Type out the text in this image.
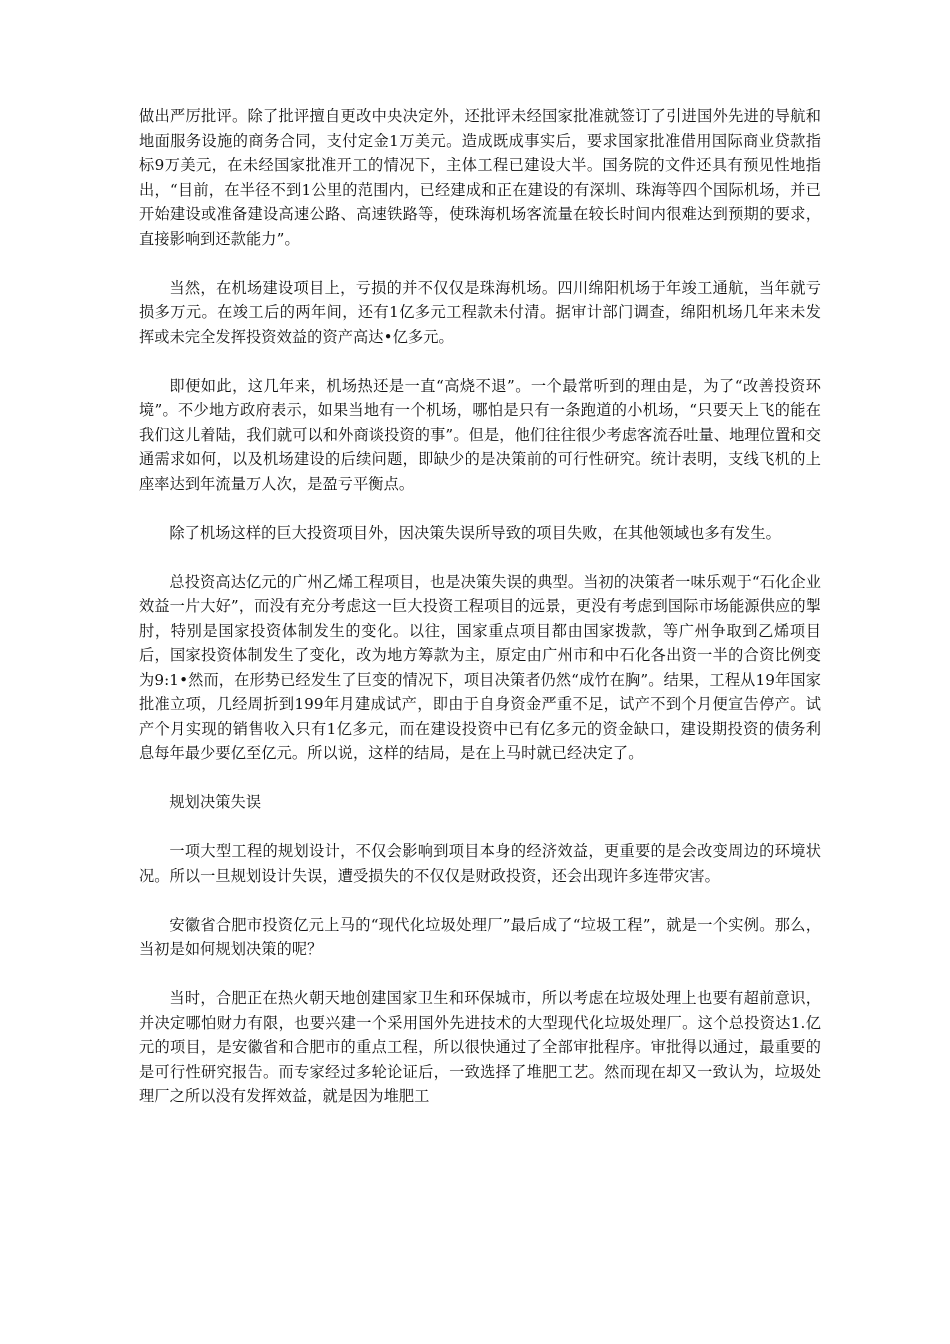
做出严厉批评。除了批评擅自更改中央决定外，还批评未经国家批准就签订了引进国外先进的导航和地面服务设施的商务合同，支付定金1万美元。造成既成事实后，要求国家批准借用国际商业贷款指标9万美元，在未经国家批准开工的情况下，主体工程已建设大半。国务院的文件还具有预见性地指出，“目前，在半径不到1公里的范围内，已经建成和正在建设的有深圳、珠海等四个国际机场，并已开始建设或准备建设高速公路、高速铁路等，使珠海机场客流量在较长时间内很难达到预期的要求，直接影响到还款能力”。

当然，在机场建设项目上，亏损的并不仅仅是珠海机场。四川绵阳机场于年竣工通航，当年就亏损多万元。在竣工后的两年间，还有1亿多元工程款未付清。据审计部门调查，绵阳机场几年来未发挥或未完全发挥投资效益的资产高达•亿多元。

即便如此，这几年来，机场热还是一直“高烧不退”。一个最常听到的理由是，为了“改善投资环境”。不少地方政府表示，如果当地有一个机场，哪怕是只有一条跑道的小机场，“只要天上飞的能在我们这儿着陆，我们就可以和外商谈投资的事”。但是，他们往往很少考虑客流吞吐量、地理位置和交通需求如何，以及机场建设的后续问题，即缺少的是决策前的可行性研究。统计表明，支线飞机的上座率达到年流量万人次，是盈亏平衡点。

除了机场这样的巨大投资项目外，因决策失误所导致的项目失败，在其他领域也多有发生。

总投资高达亿元的广州乙烯工程项目，也是决策失误的典型。当初的决策者一味乐观于“石化企业效益一片大好”，而没有充分考虑这一巨大投资工程项目的远景，更没有考虑到国际市场能源供应的掣肘，特别是国家投资体制发生的变化。以往，国家重点项目都由国家拨款，等广州争取到乙烯项目后，国家投资体制发生了变化，改为地方筹款为主，原定由广州市和中石化各出资一半的合资比例变为9:1•然而，在形势已经发生了巨变的情况下，项目决策者仍然“成竹在胸”。结果，工程从19年国家批准立项，几经周折到199年月建成试产，即由于自身资金严重不足，试产不到个月便宣告停产。试产个月实现的销售收入只有1亿多元，而在建设投资中已有亿多元的资金缺口，建设期投资的债务利息每年最少要亿至亿元。所以说，这样的结局，是在上马时就已经决定了。

规划决策失误

一项大型工程的规划设计，不仅会影响到项目本身的经济效益，更重要的是会改变周边的环境状况。所以一旦规划设计失误，遭受损失的不仅仅是财政投资，还会出现许多连带灾害。

安徽省合肥市投资亿元上马的“现代化垃圾处理厂”最后成了“垃圾工程”，就是一个实例。那么，当初是如何规划决策的呢？

当时，合肥正在热火朝天地创建国家卫生和环保城市，所以考虑在垃圾处理上也要有超前意识，并决定哪怕财力有限，也要兴建一个采用国外先进技术的大型现代化垃圾处理厂。这个总投资达1.亿元的项目，是安徽省和合肥市的重点工程，所以很快通过了全部审批程序。审批得以通过，最重要的是可行性研究报告。而专家经过多轮论证后，一致选择了堆肥工艺。然而现在却又一致认为，垃圾处理厂之所以没有发挥效益，就是因为堆肥工
